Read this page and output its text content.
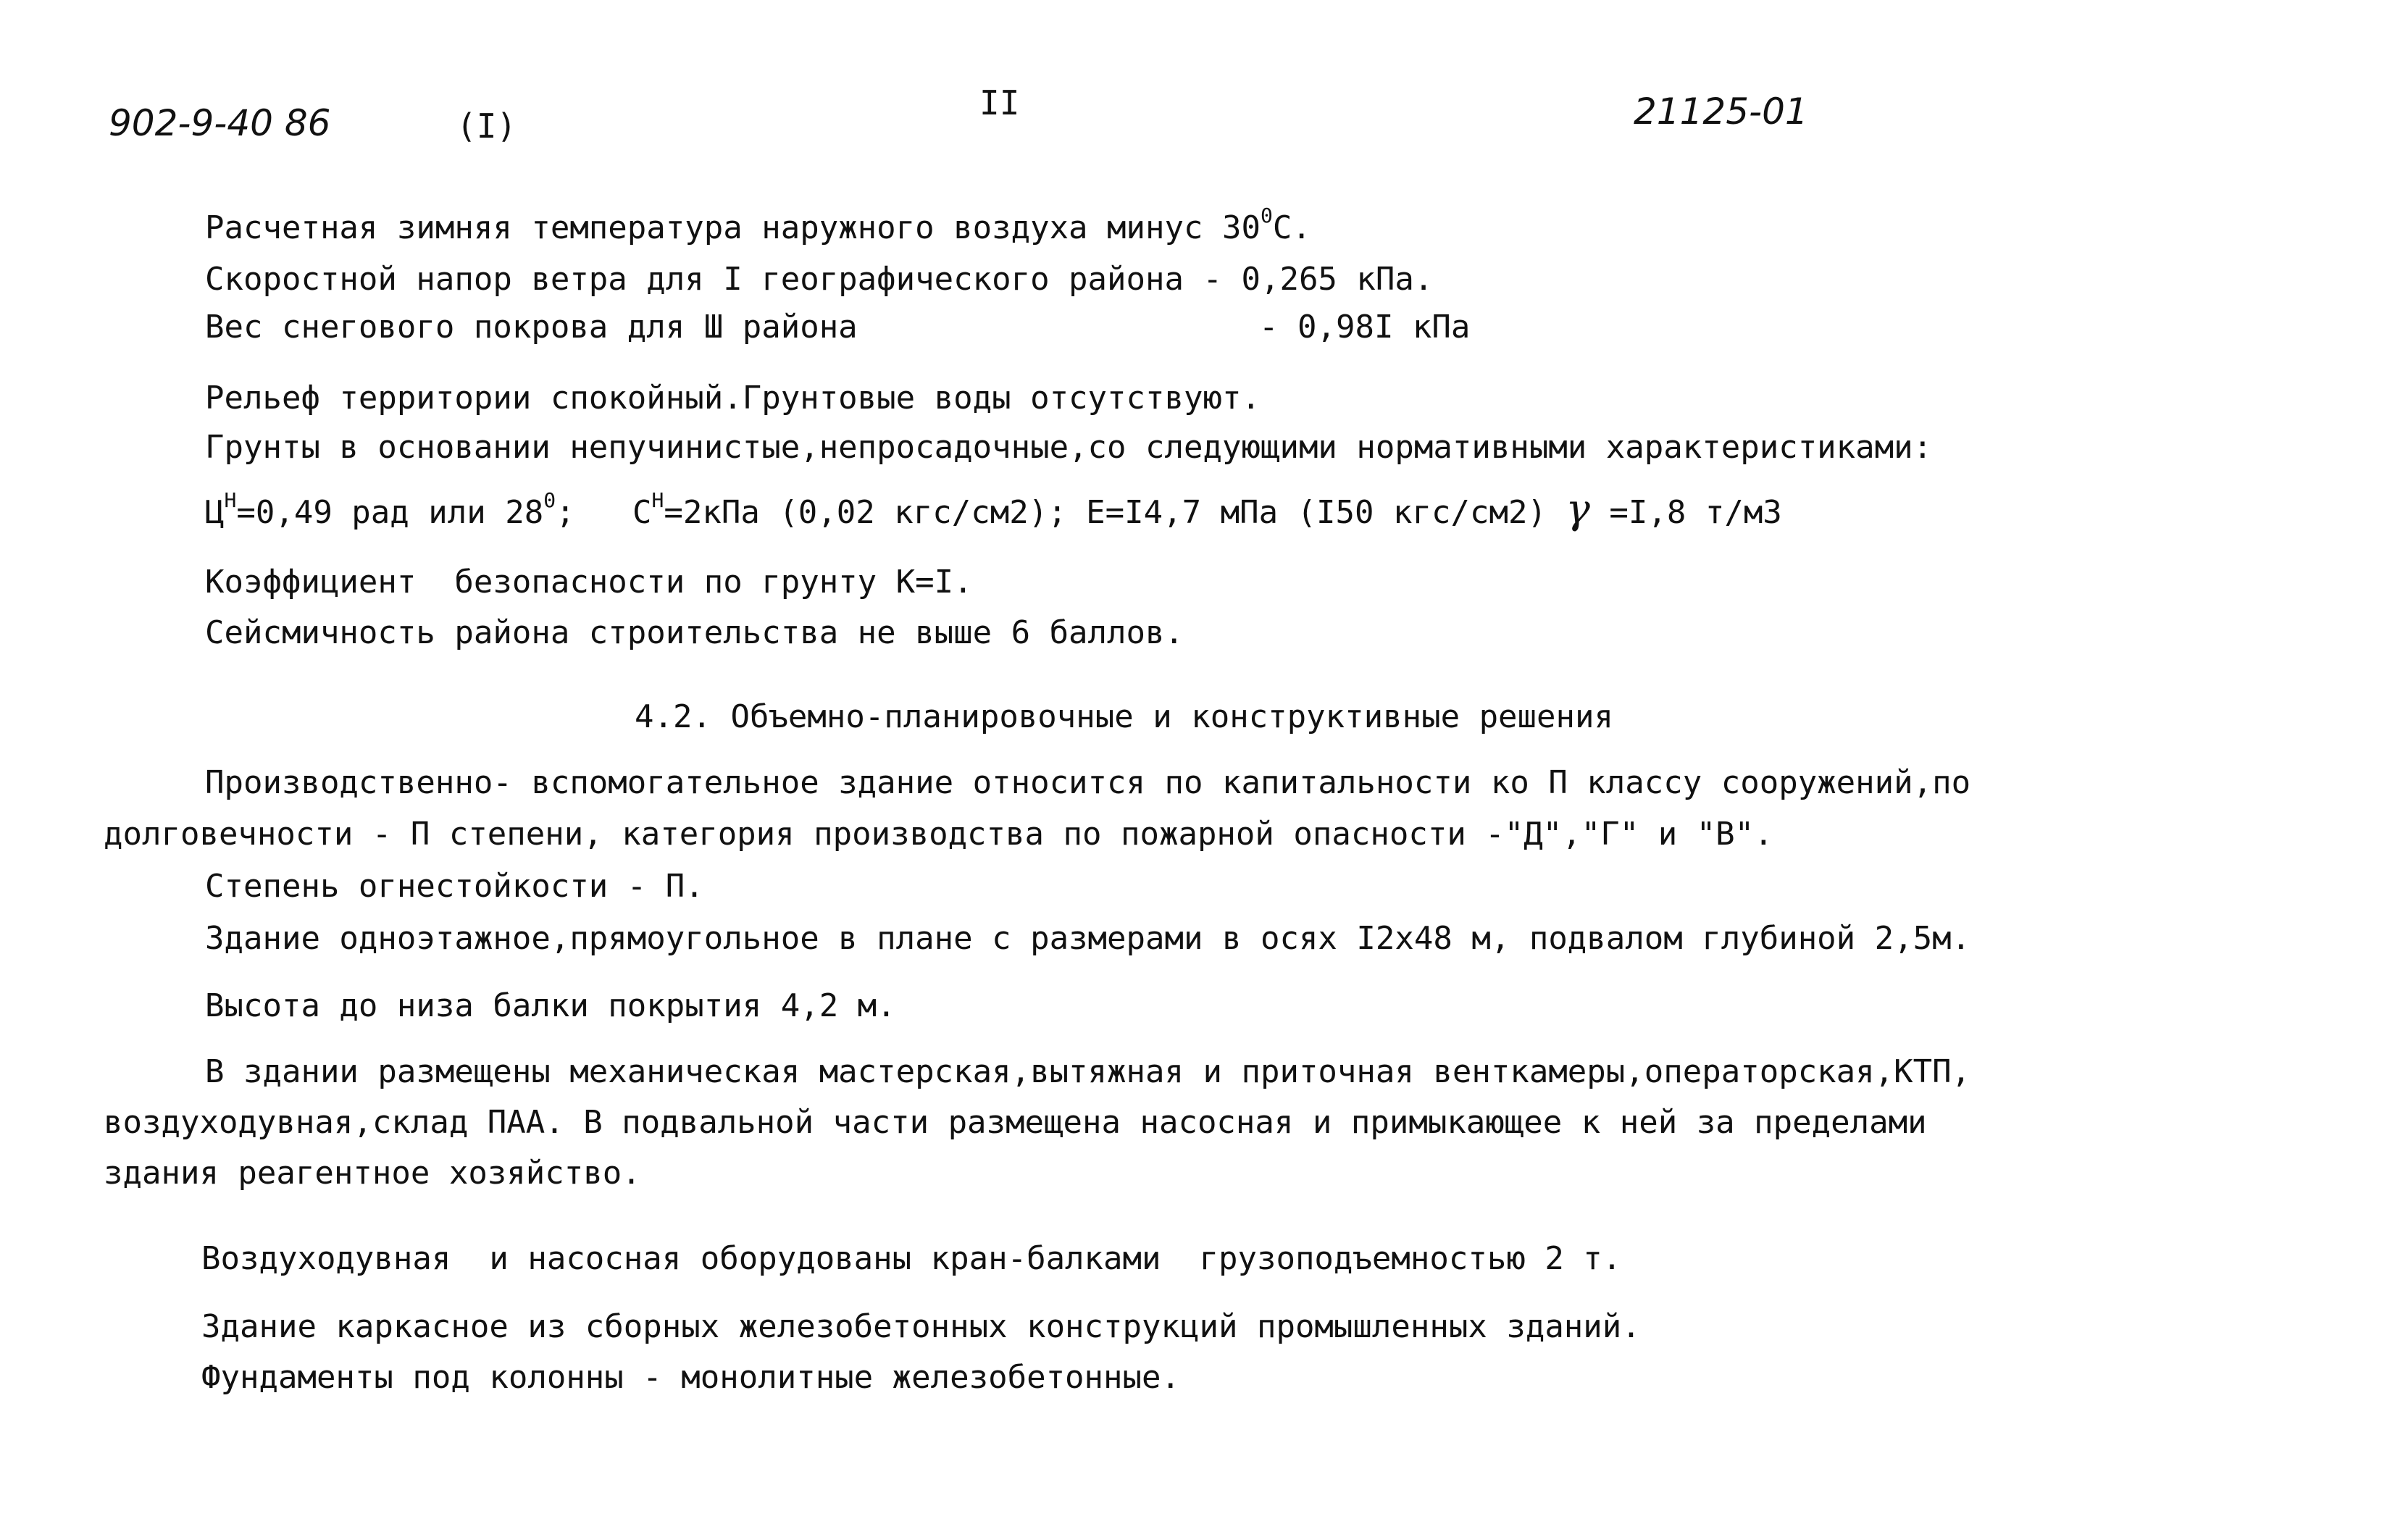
902-9-40 86	(I)
II	21125-01
Расчетная зимняя температура наружного воздуха минус $30^0С$.
Скоростной напор ветра для I географического района - 0,265 кПа.
Вес снегового покрова для Ш района	- 0,98I кПа
Рельеф территории спокойный.Грунтовые воды отсутствуют.
Грунты в основании непучинистые,непросадочные,со следующими нормативными характеристиками:
$Ц^Н=0,49$ рад или $28^0$;   $С^Н=2кПа$ (0,02 кгс/см2); Е=I4,7 мПа (I50 кгс/см2) γ =I,8 т/м3
Коэффициент  безопасности по грунту К=I.
Сейсмичность района строительства не выше 6 баллов.
4.2. Объемно-планировочные и конструктивные решения
Производственно- вспомогательное здание относится по капитальности ко П классу сооружений,по
долговечности - П степени, категория производства по пожарной опасности -"Д","Г" и "В".
Степень огнестойкости - П.
Здание одноэтажное,прямоугольное в плане с размерами в осях I2х48 м, подвалом глубиной 2,5м.
Высота до низа балки покрытия 4,2 м.
В здании размещены механическая мастерская,вытяжная и приточная венткамеры,операторская,КТП,
воздуходувная,склад ПАА. В подвальной части размещена насосная и примыкающее к ней за пределами
здания реагентное хозяйство.
Воздуходувная  и насосная оборудованы кран-балками  грузоподъемностью 2 т.
Здание каркасное из сборных железобетонных конструкций промышленных зданий.
Фундаменты под колонны - монолитные железобетонные.
